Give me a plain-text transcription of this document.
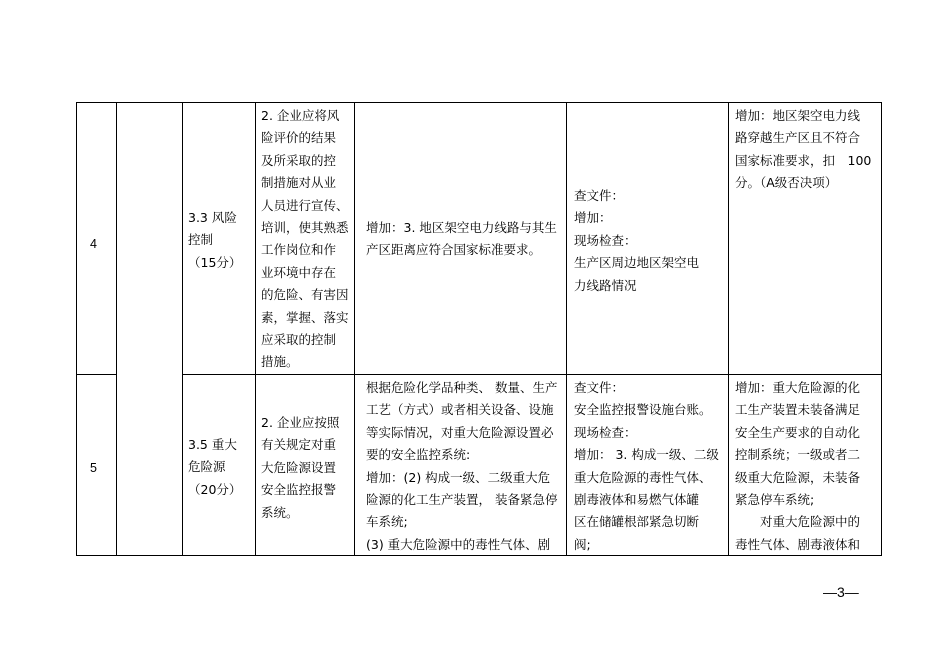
4
3.3 风险
控制
（15分）
2. 企业应将风
险评价的结果
及所采取的控
制措施对从业
人员进行宣传、
培训，使其熟悉
工作岗位和作
业环境中存在
的危险、有害因
素，掌握、落实
应采取的控制
措施。
增加：3. 地区架空电力线路与其生
产区距离应符合国家标准要求。
查文件：
增加：
现场检查：
生产区周边地区架空电
力线路情况
增加：地区架空电力线
路穿越生产区且不符合
国家标准要求，扣　100
分。（A级否决项）
5
3.5 重大
危险源
（20分）
2. 企业应按照
有关规定对重
大危险源设置
安全监控报警
系统。
根据危险化学品种类、 数量、生产
工艺（方式）或者相关设备、设施
等实际情况，对重大危险源设置必
要的安全监控系统:
增加：(2) 构成一级、二级重大危
险源的化工生产装置， 装备紧急停
车系统;
(3) 重大危险源中的毒性气体、剧
查文件：
安全监控报警设施台账。
现场检查：
增加： 3. 构成一级、二级
重大危险源的毒性气体、
剧毒液体和易燃气体罐
区在储罐根部紧急切断
阀;
增加：重大危险源的化
工生产装置未装备满足
安全生产要求的自动化
控制系统；一级或者二
级重大危险源，未装备
紧急停车系统;
　　对重大危险源中的
毒性气体、剧毒液体和
—3—
